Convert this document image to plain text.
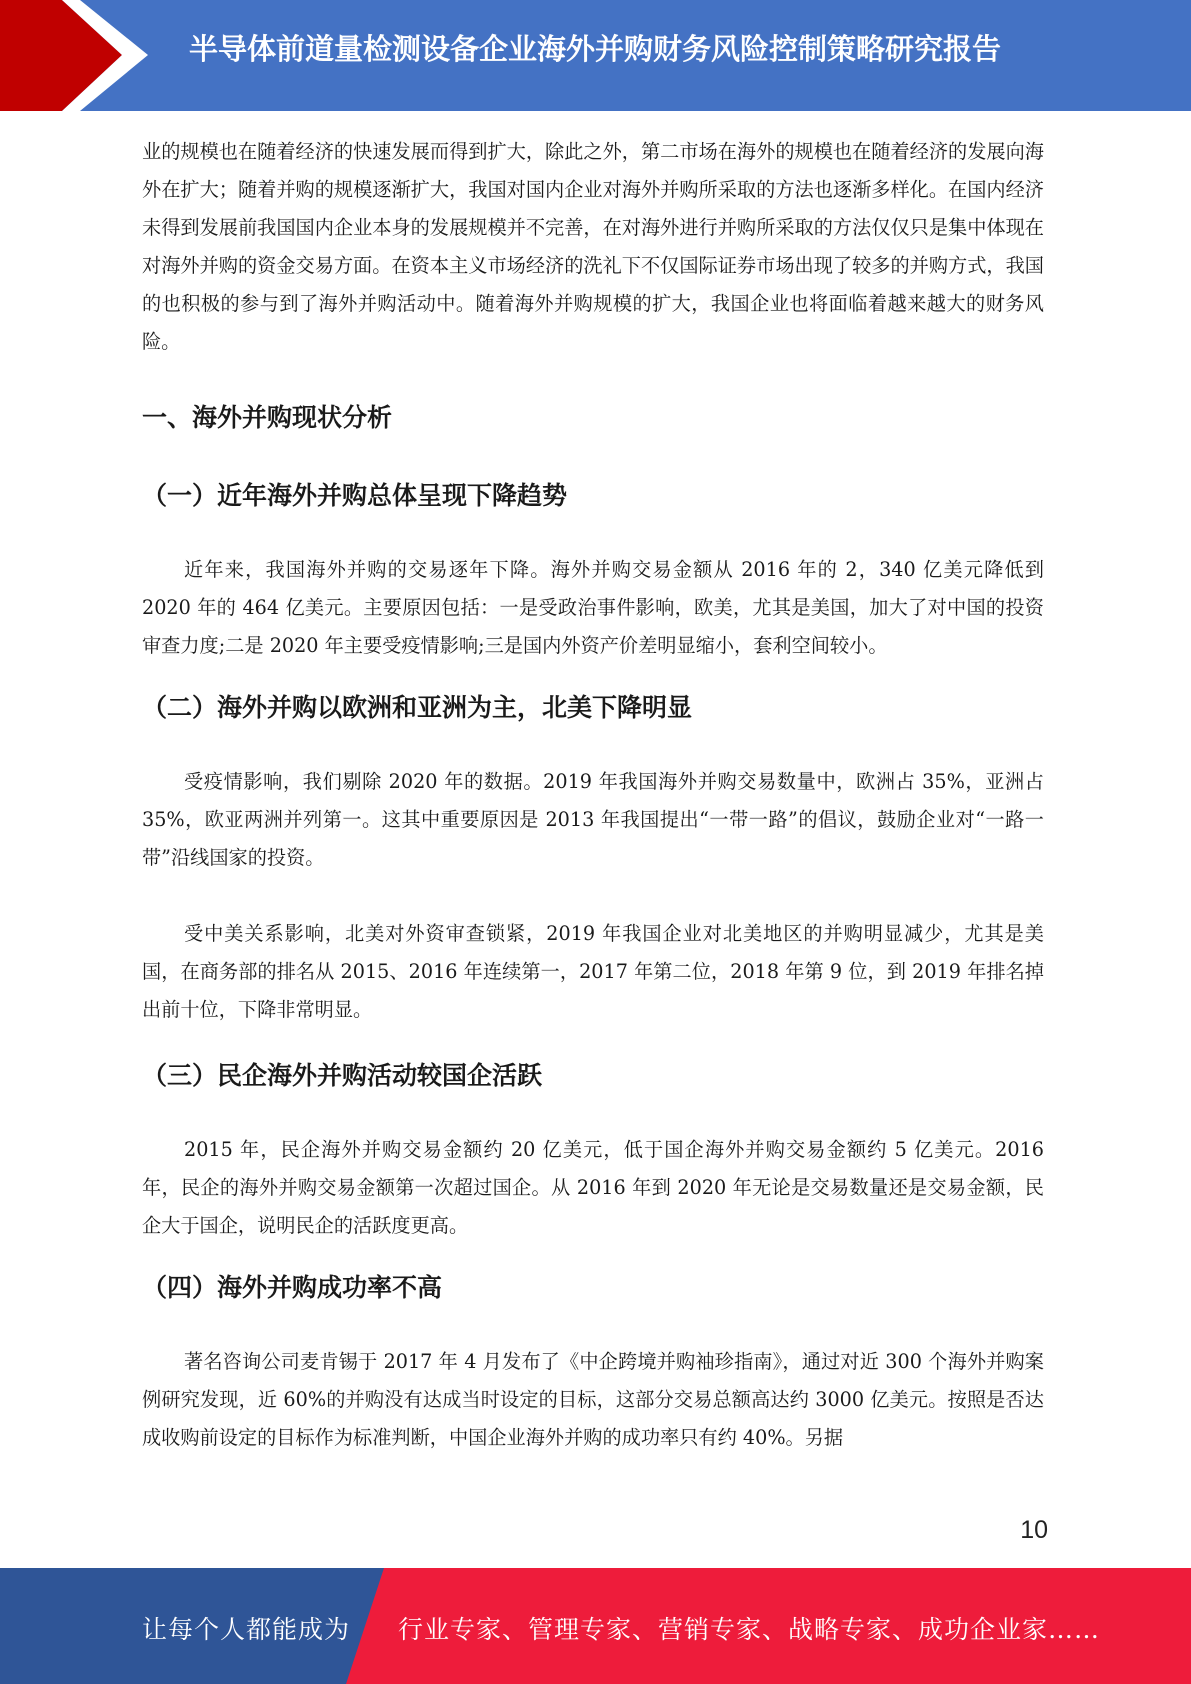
半导体前道量检测设备企业海外并购财务风险控制策略研究报告

业的规模也在随着经济的快速发展而得到扩大，除此之外，第二市场在海外的规模也在随着经济的发展向海外在扩大；随着并购的规模逐渐扩大，我国对国内企业对海外并购所采取的方法也逐渐多样化。在国内经济未得到发展前我国国内企业本身的发展规模并不完善，在对海外进行并购所采取的方法仅仅只是集中体现在对海外并购的资金交易方面。在资本主义市场经济的洗礼下不仅国际证券市场出现了较多的并购方式，我国的也积极的参与到了海外并购活动中。随着海外并购规模的扩大，我国企业也将面临着越来越大的财务风险。

一、海外并购现状分析

（一）近年海外并购总体呈现下降趋势

近年来，我国海外并购的交易逐年下降。海外并购交易金额从 2016 年的 2，340 亿美元降低到 2020 年的 464 亿美元。主要原因包括：一是受政治事件影响，欧美，尤其是美国，加大了对中国的投资审查力度;二是 2020 年主要受疫情影响;三是国内外资产价差明显缩小，套利空间较小。

（二）海外并购以欧洲和亚洲为主，北美下降明显

受疫情影响，我们剔除 2020 年的数据。2019 年我国海外并购交易数量中，欧洲占 35%，亚洲占 35%，欧亚两洲并列第一。这其中重要原因是 2013 年我国提出“一带一路”的倡议，鼓励企业对“一路一带”沿线国家的投资。

受中美关系影响，北美对外资审查锁紧，2019 年我国企业对北美地区的并购明显减少，尤其是美国，在商务部的排名从 2015、2016 年连续第一，2017 年第二位，2018 年第 9 位，到 2019 年排名掉出前十位，下降非常明显。

（三）民企海外并购活动较国企活跃

2015 年，民企海外并购交易金额约 20 亿美元，低于国企海外并购交易金额约 5 亿美元。2016 年，民企的海外并购交易金额第一次超过国企。从 2016 年到 2020 年无论是交易数量还是交易金额，民企大于国企，说明民企的活跃度更高。

（四）海外并购成功率不高

著名咨询公司麦肯锡于 2017 年 4 月发布了《中企跨境并购袖珍指南》，通过对近 300 个海外并购案例研究发现，近 60%的并购没有达成当时设定的目标，这部分交易总额高达约 3000 亿美元。按照是否达成收购前设定的目标作为标准判断，中国企业海外并购的成功率只有约 40%。另据

10
让每个人都能成为 行业专家、管理专家、营销专家、战略专家、成功企业家……
